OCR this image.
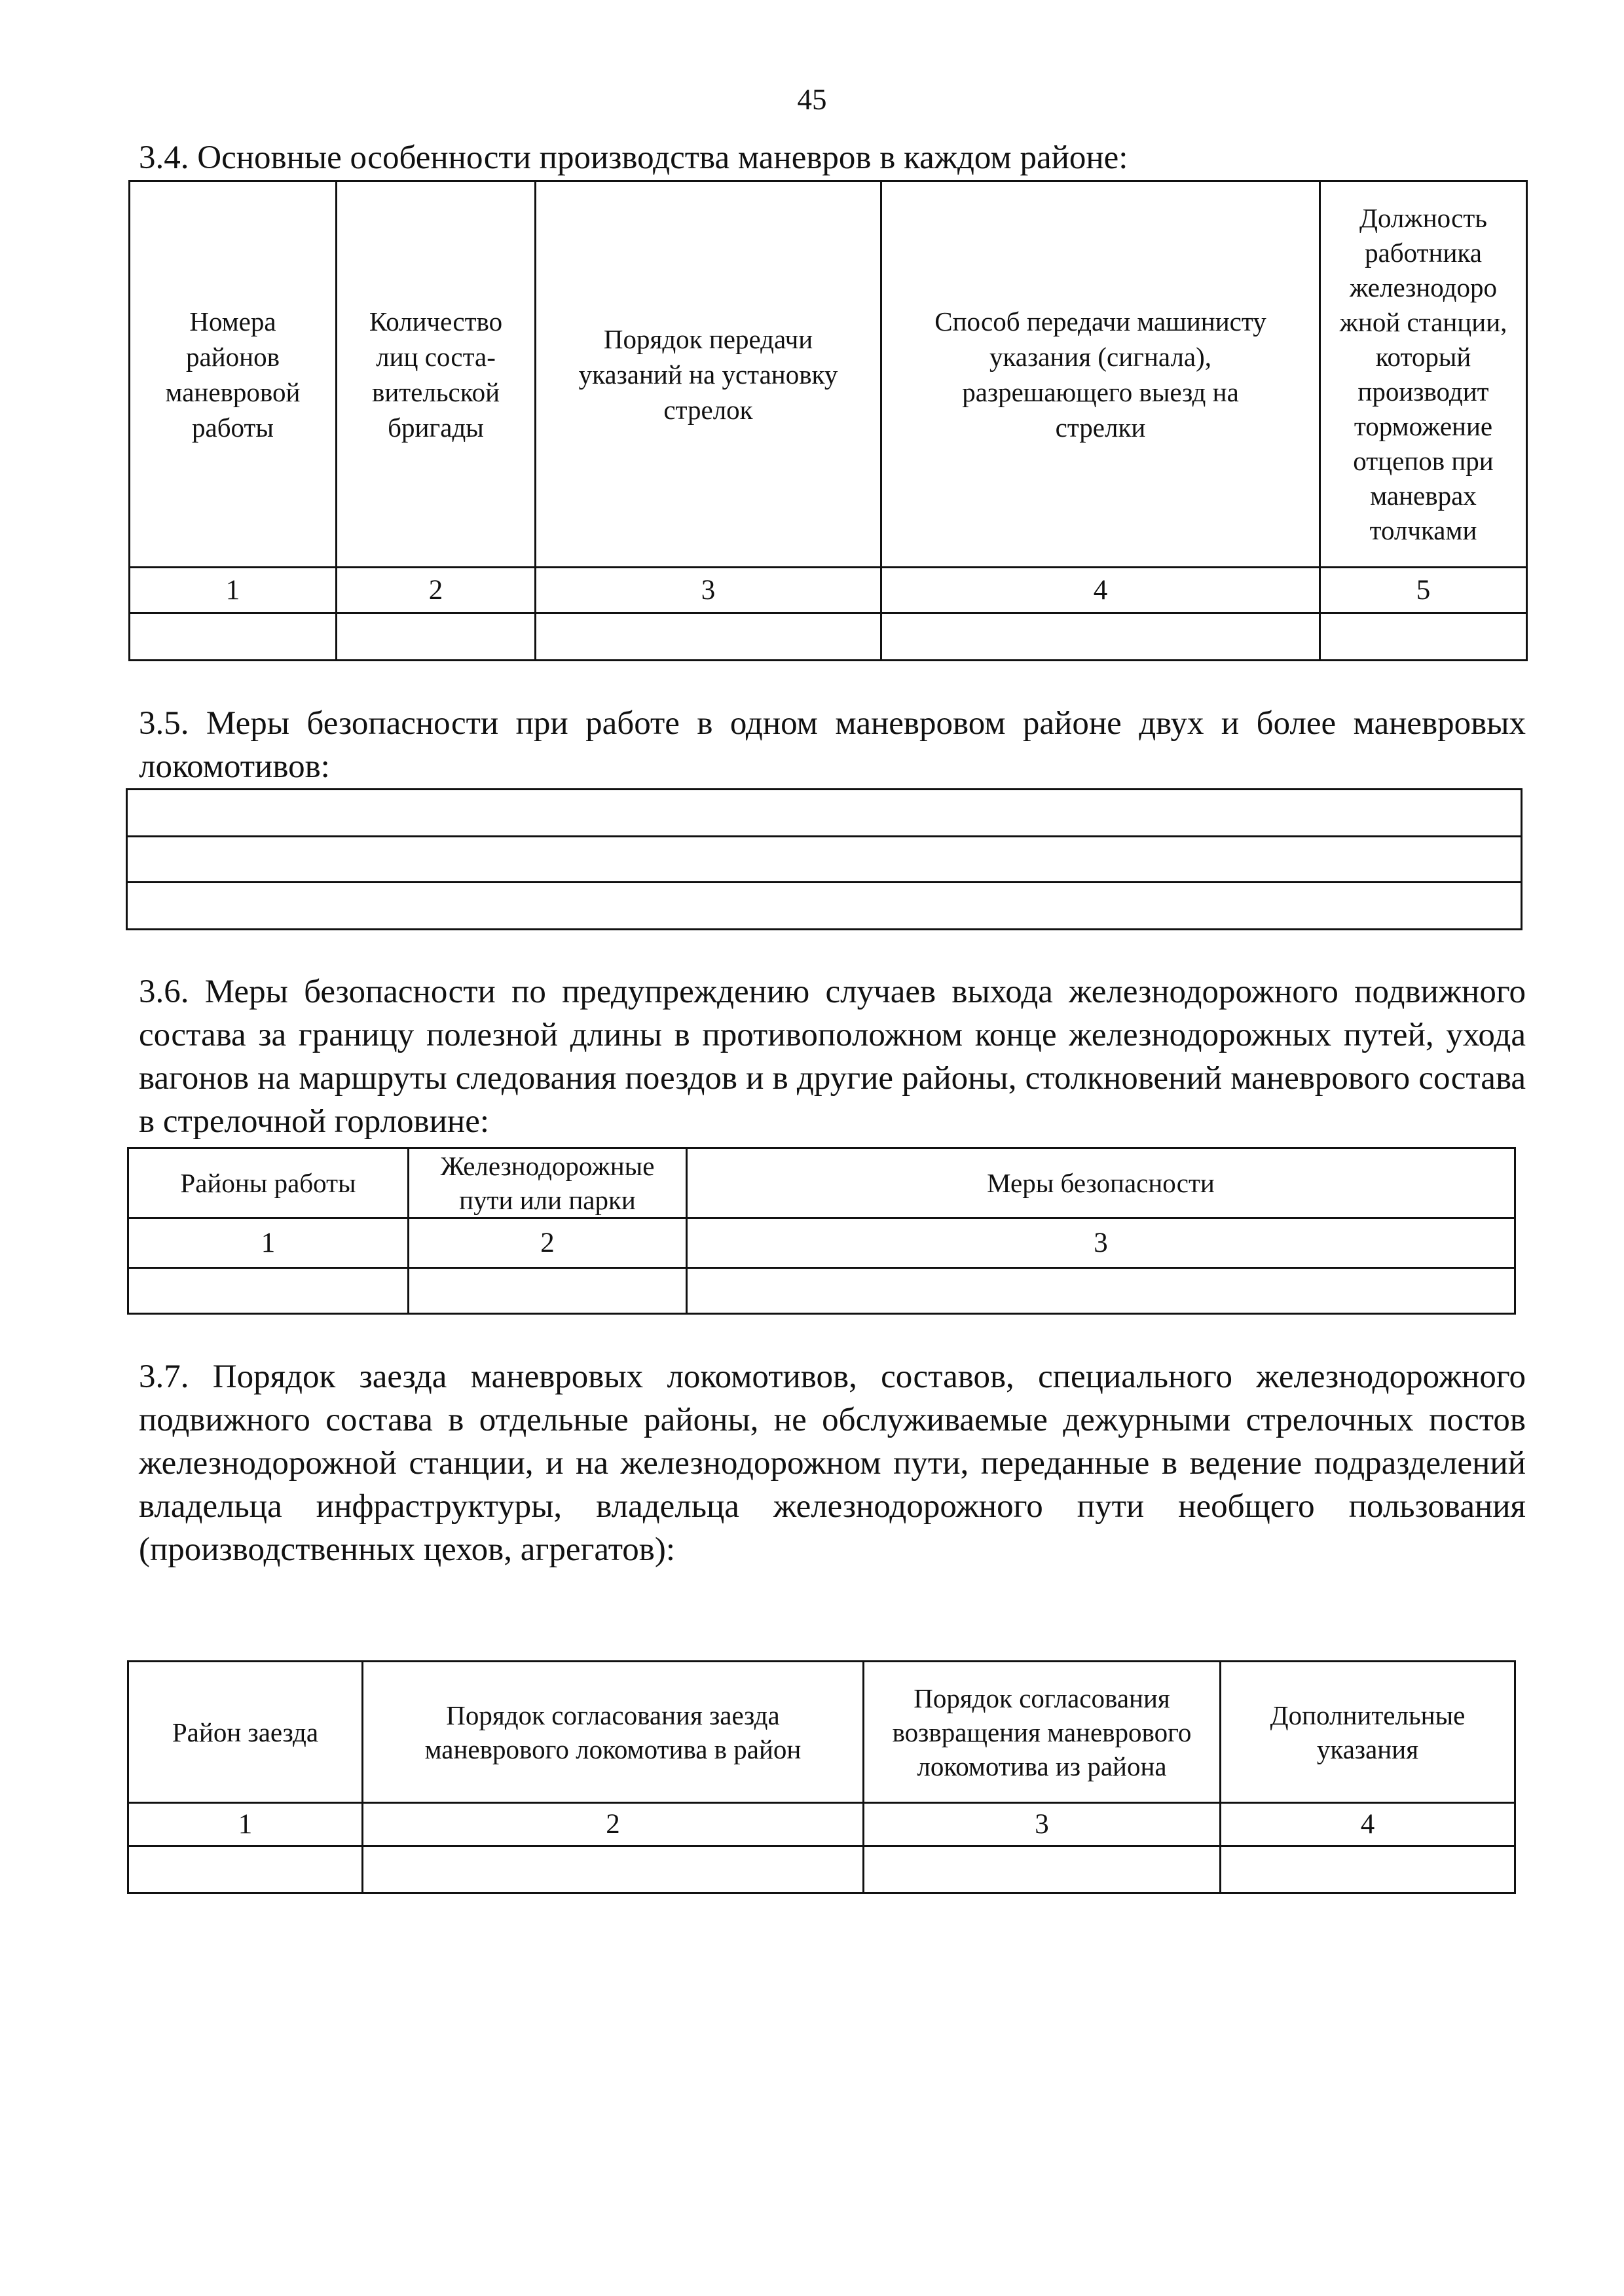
45
3.4. Основные особенности производства маневров в каждом районе:
Номера районов маневровой работы	Количество лиц соста-вительской бригады	Порядок передачи указаний на установку стрелок	Способ передачи машинисту указания (сигнала), разрешающего выезд на стрелки	Должность работника железнодоро жной станции, который производит торможение отцепов при маневрах толчками

1	2	3	4	5

3.5. Меры безопасности при работе в одном маневровом районе двух и более маневровых локомотивов:

3.6. Меры безопасности по предупреждению случаев выхода железнодорожного подвижного состава за границу полезной длины в противоположном конце железнодорожных путей, ухода вагонов на маршруты следования поездов и в другие районы, столкновений маневрового состава в стрелочной горловине:
Районы работы	Железнодорожные пути или парки	Меры безопасности

1	2	3

3.7. Порядок заезда маневровых локомотивов, составов, специального железнодорожного подвижного состава в отдельные районы, не обслуживаемые дежурными стрелочных постов железнодорожной станции, и на железнодорожном пути, переданные в ведение подразделений владельца инфраструктуры, владельца железнодорожного пути необщего пользования (производственных цехов, агрегатов):
Район заезда	Порядок согласования заезда маневрового локомотива в район	Порядок согласования возвращения маневрового локомотива из района	Дополнительные указания

1	2	3	4
